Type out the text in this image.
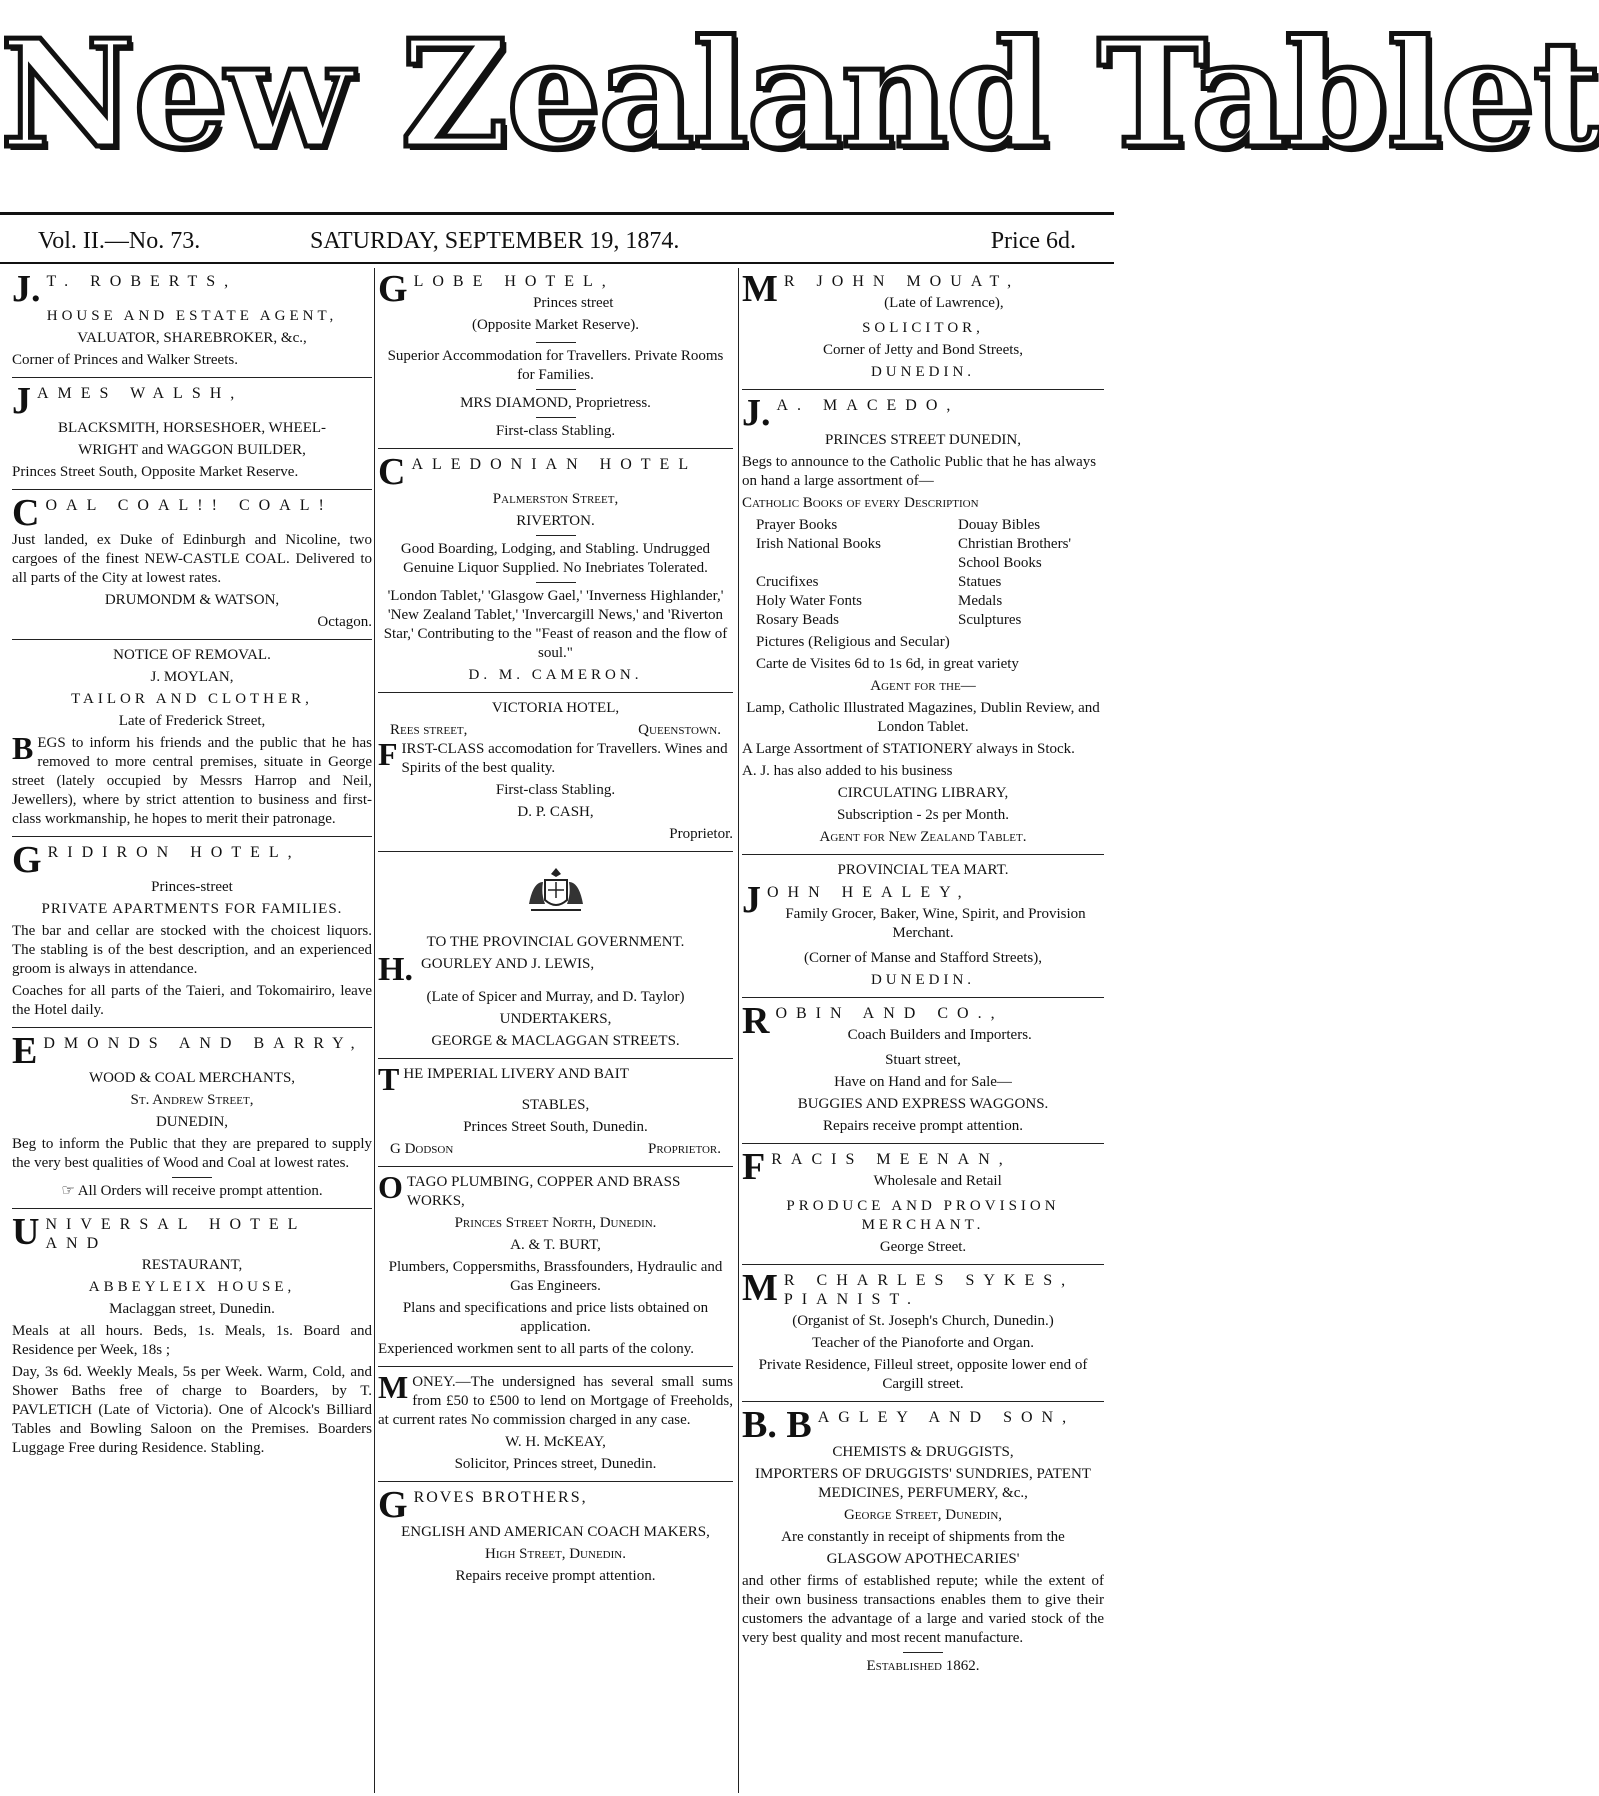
New Zealand Tablet
Vol. II.—No. 73.	SATURDAY, SEPTEMBER 19, 1874.	Price 6d.
J. T. ROBERTS,

HOUSE AND ESTATE AGENT,

VALUATOR, SHAREBROKER, &c.,

Corner of Princes and Walker Streets.

JAMES WALSH,

BLACKSMITH, HORSESHOER, WHEEL-

WRIGHT and WAGGON BUILDER,

Princes Street South, Opposite Market Reserve.

COAL COAL!! COAL!

Just landed, ex Duke of Edinburgh and Nicoline, two cargoes of the finest NEW-CASTLE COAL. Delivered to all parts of the City at lowest rates.

DRUMONDM & WATSON,

Octagon.

NOTICE OF REMOVAL.

J. MOYLAN,

TAILOR AND CLOTHER,

Late of Frederick Street,

BEGS to inform his friends and the public that he has removed to more central premises, situate in George street (lately occupied by Messrs Harrop and Neil, Jewellers), where by strict attention to business and first-class workmanship, he hopes to merit their patronage.
GRIDIRON HOTEL,

Princes-street

PRIVATE APARTMENTS FOR FAMILIES.

The bar and cellar are stocked with the choicest liquors. The stabling is of the best description, and an experienced groom is always in attendance.

Coaches for all parts of the Taieri, and Tokomairiro, leave the Hotel daily.

EDMONDS AND BARRY,

WOOD & COAL MERCHANTS,

St. Andrew Street,

DUNEDIN,

Beg to inform the Public that they are prepared to supply the very best qualities of Wood and Coal at lowest rates.

☞ All Orders will receive prompt attention.

UNIVERSAL HOTEL AND

RESTAURANT,

ABBEYLEIX HOUSE,

Maclaggan street, Dunedin.

Meals at all hours. Beds, 1s. Meals, 1s. Board and Residence per Week, 18s ;

Day, 3s 6d. Weekly Meals, 5s per Week. Warm, Cold, and Shower Baths free of charge to Boarders, by T. PAVLETICH (Late of Victoria). One of Alcock's Billiard Tables and Bowling Saloon on the Premises. Boarders Luggage Free during Residence. Stabling.

GLOBE HOTEL,

Princes street

(Opposite Market Reserve).

Superior Accommodation for Travellers. Private Rooms for Families.

MRS DIAMOND, Proprietress.

First-class Stabling.

CALEDONIAN HOTEL

Palmerston Street,

RIVERTON.

Good Boarding, Lodging, and Stabling. Undrugged Genuine Liquor Supplied. No Inebriates Tolerated.

'London Tablet,' 'Glasgow Gael,' 'Inverness Highlander,' 'New Zealand Tablet,' 'Invercargill News,' and 'Riverton Star,' Contributing to the "Feast of reason and the flow of soul."

D. M. CAMERON.

VICTORIA HOTEL,

Rees street,	Queenstown.
FIRST-CLASS accomodation for Travellers. Wines and Spirits of the best quality.

First-class Stabling.

D. P. CASH,

Proprietor.

TO THE PROVINCIAL GOVERNMENT.

H. GOURLEY AND J. LEWIS,

(Late of Spicer and Murray, and D. Taylor)

UNDERTAKERS,

GEORGE & MACLAGGAN STREETS.

THE IMPERIAL LIVERY AND BAIT

STABLES,

Princes Street South, Dunedin.

G Dodson	Proprietor.
OTAGO PLUMBING, COPPER AND BRASS WORKS,

Princes Street North, Dunedin.

A. & T. BURT,

Plumbers, Coppersmiths, Brassfounders, Hydraulic and Gas Engineers.

Plans and specifications and price lists obtained on application.

Experienced workmen sent to all parts of the colony.

MONEY.—The undersigned has several small sums from £50 to £500 to lend on Mortgage of Freeholds, at current rates No commission charged in any case.

W. H. McKEAY,

Solicitor, Princes street, Dunedin.

GROVES BROTHERS,

ENGLISH AND AMERICAN COACH MAKERS,

High Street, Dunedin.

Repairs receive prompt attention.

M R JOHN MOUAT,

(Late of Lawrence),

SOLICITOR,

Corner of Jetty and Bond Streets,

DUNEDIN.

J. A. MACEDO,

PRINCES STREET DUNEDIN,

Begs to announce to the Catholic Public that he has always on hand a large assortment of—

Catholic Books of every Description

Prayer Books	Douay Bibles
Irish National Books	Christian Brothers' School Books
Crucifixes	Statues
Holy Water Fonts	Medals
Rosary Beads	Sculptures

Pictures (Religious and Secular)

Carte de Visites 6d to 1s 6d, in great variety

Agent for the—

Lamp, Catholic Illustrated Magazines, Dublin Review, and London Tablet.

A Large Assortment of STATIONERY always in Stock.

A. J. has also added to his business

CIRCULATING LIBRARY,

Subscription - 2s per Month.

Agent for New Zealand Tablet.

PROVINCIAL TEA MART.

JOHN HEALEY,

Family Grocer, Baker, Wine, Spirit, and Provision Merchant.

(Corner of Manse and Stafford Streets),

DUNEDIN.

ROBIN AND CO.,

Coach Builders and Importers.

Stuart street,

Have on Hand and for Sale—

BUGGIES AND EXPRESS WAGGONS.

Repairs receive prompt attention.

FRACIS MEENAN,

Wholesale and Retail

PRODUCE AND PROVISION MERCHANT.

George Street.

M R CHARLES SYKES, PIANIST.

(Organist of St. Joseph's Church, Dunedin.)

Teacher of the Pianoforte and Organ.

Private Residence, Filleul street, opposite lower end of Cargill street.

B. B AGLEY AND SON,

CHEMISTS & DRUGGISTS,

IMPORTERS OF DRUGGISTS' SUNDRIES, PATENT MEDICINES, PERFUMERY, &c.,

George Street, Dunedin,

Are constantly in receipt of shipments from the

GLASGOW APOTHECARIES'

and other firms of established repute; while the extent of their own business transactions enables them to give their customers the advantage of a large and varied stock of the very best quality and most recent manufacture.

Established 1862.
